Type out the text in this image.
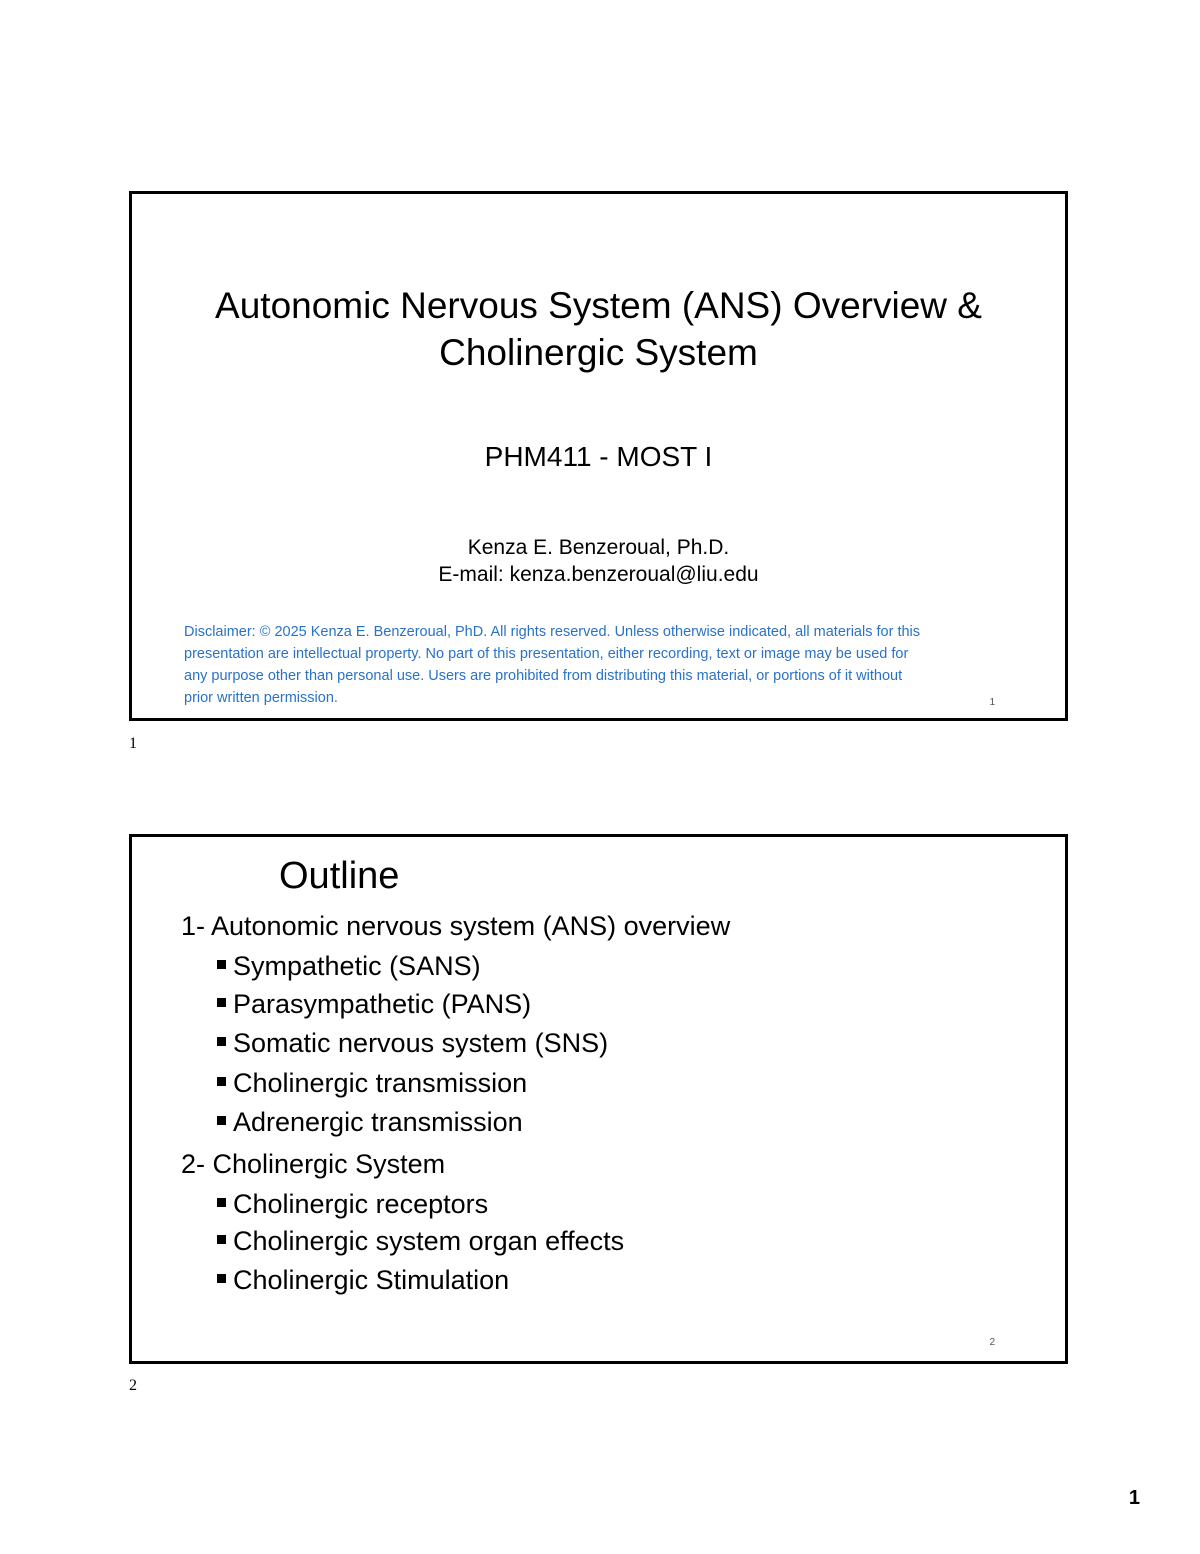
Autonomic Nervous System (ANS) Overview &
Cholinergic System
PHM411 - MOST I
Kenza E. Benzeroual, Ph.D.
E-mail: kenza.benzeroual@liu.edu
Disclaimer: © 2025 Kenza E. Benzeroual, PhD. All rights reserved. Unless otherwise indicated, all materials for this
presentation are intellectual property. No part of this presentation, either recording, text or image may be used for
any purpose other than personal use. Users are prohibited from distributing this material, or portions of it without
prior written permission.	1
1
Outline
1- Autonomic nervous system (ANS) overview
Sympathetic (SANS)
Parasympathetic (PANS)
Somatic nervous system (SNS)
Cholinergic transmission
Adrenergic transmission
2- Cholinergic System
Cholinergic receptors
Cholinergic system organ effects
Cholinergic Stimulation
2
2
1
